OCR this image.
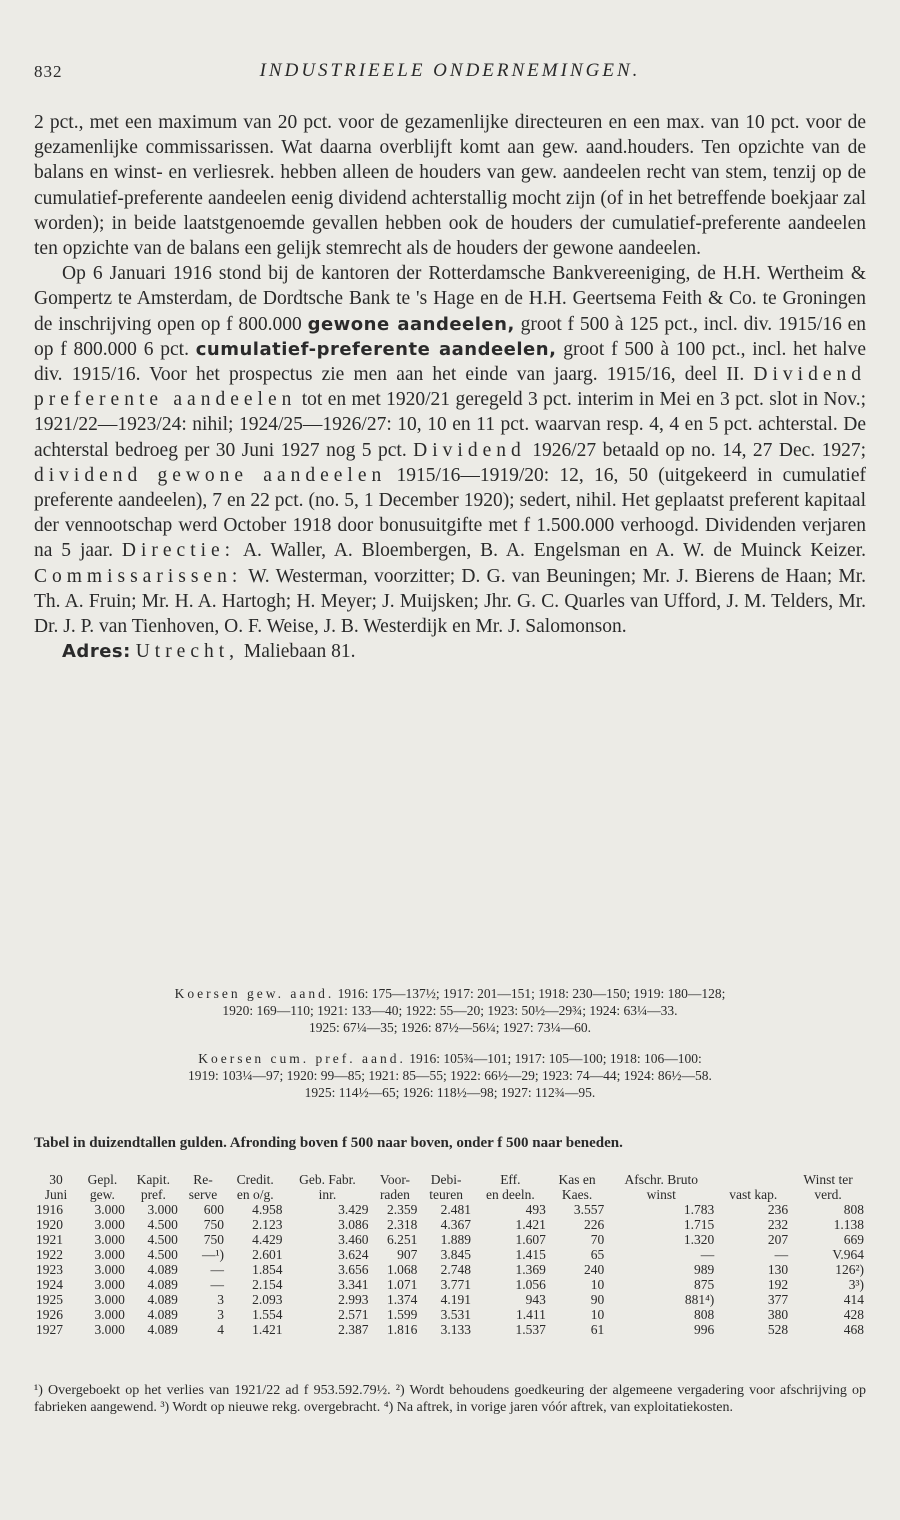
832	INDUSTRIEELE ONDERNEMINGEN.

2 pct., met een maximum van 20 pct. voor de gezamenlijke directeuren en een max. van 10 pct. voor de gezamenlijke commissarissen. Wat daarna overblijft komt aan gew. aand.houders. Ten opzichte van de balans en winst- en verliesrek. hebben alleen de houders van gew. aandeelen recht van stem, tenzij op de cumulatief-preferente aandeelen eenig dividend achterstallig mocht zijn (of in het betreffende boekjaar zal worden); in beide laatstgenoemde gevallen hebben ook de houders der cumulatief-preferente aandeelen ten opzichte van de balans een gelijk stemrecht als de houders der gewone aandeelen.

Op 6 Januari 1916 stond bij de kantoren der Rotterdamsche Bankvereeniging, de H.H. Wertheim & Gompertz te Amsterdam, de Dordtsche Bank te 's Hage en de H.H. Geertsema Feith & Co. te Groningen de inschrijving open op f 800.000 gewone aandeelen, groot f 500 à 125 pct., incl. div. 1915/16 en op f 800.000 6 pct. cumulatief-preferente aandeelen, groot f 500 à 100 pct., incl. het halve div. 1915/16. Voor het prospectus zie men aan het einde van jaarg. 1915/16, deel II. Dividend preferente aandeelen tot en met 1920/21 geregeld 3 pct. interim in Mei en 3 pct. slot in Nov.; 1921/22—1923/24: nihil; 1924/25—1926/27: 10, 10 en 11 pct. waarvan resp. 4, 4 en 5 pct. achterstal. De achterstal bedroeg per 30 Juni 1927 nog 5 pct. Dividend 1926/27 betaald op no. 14, 27 Dec. 1927; dividend gewone aandeelen 1915/16—1919/20: 12, 16, 50 (uitgekeerd in cumulatief preferente aandeelen), 7 en 22 pct. (no. 5, 1 December 1920); sedert, nihil. Het geplaatst preferent kapitaal der vennootschap werd October 1918 door bonusuitgifte met f 1.500.000 verhoogd. Dividenden verjaren na 5 jaar. Directie: A. Waller, A. Bloembergen, B. A. Engelsman en A. W. de Muinck Keizer. Commissarissen: W. Westerman, voorzitter; D. G. van Beuningen; Mr. J. Bierens de Haan; Mr. Th. A. Fruin; Mr. H. A. Hartogh; H. Meyer; J. Muijsken; Jhr. G. C. Quarles van Ufford, J. M. Telders, Mr. Dr. J. P. van Tienhoven, O. F. Weise, J. B. Westerdijk en Mr. J. Salomonson.

Adres: Utrecht, Maliebaan 81.

Koersen gew. aand. 1916: 175—137½; 1917: 201—151; 1918: 230—150; 1919: 180—128;
1920: 169—110; 1921: 133—40; 1922: 55—20; 1923: 50½—29¾; 1924: 63¼—33.
1925: 67¼—35; 1926: 87½—56¼; 1927: 73¼—60.
Koersen cum. pref. aand. 1916: 105¾—101; 1917: 105—100; 1918: 106—100:
1919: 103¼—97; 1920: 99—85; 1921: 85—55; 1922: 66½—29; 1923: 74—44; 1924: 86½—58.
1925: 114½—65; 1926: 118½—98; 1927: 112¾—95.
Tabel in duizendtallen gulden. Afronding boven f 500 naar boven, onder f 500 naar beneden.
30	Gepl.	Kapit.	Re-	Credit.	Geb. Fabr.	Voor-	Debi-	Eff.	Kas en	Afschr. Bruto		Winst ter
Juni	gew.	pref.	serve	en o/g.	inr.	raden	teuren	en deeln.	Kaes.	winst	vast kap.	verd.
1916	3.000	3.000	600	4.958	3.429	2.359	2.481	493	3.557	1.783	236	808
1920	3.000	4.500	750	2.123	3.086	2.318	4.367	1.421	226	1.715	232	1.138
1921	3.000	4.500	750	4.429	3.460	6.251	1.889	1.607	70	1.320	207	669
1922	3.000	4.500	—¹)	2.601	3.624	907	3.845	1.415	65	—	—	V.964
1923	3.000	4.089	—	1.854	3.656	1.068	2.748	1.369	240	989	130	126²)
1924	3.000	4.089	—	2.154	3.341	1.071	3.771	1.056	10	875	192	3³)
1925	3.000	4.089	3	2.093	2.993	1.374	4.191	943	90	881⁴)	377	414
1926	3.000	4.089	3	1.554	2.571	1.599	3.531	1.411	10	808	380	428
1927	3.000	4.089	4	1.421	2.387	1.816	3.133	1.537	61	996	528	468

¹) Overgeboekt op het verlies van 1921/22 ad f 953.592.79½. ²) Wordt behoudens goedkeuring der algemeene vergadering voor afschrijving op fabrieken aangewend. ³) Wordt op nieuwe rekg. overgebracht. ⁴) Na aftrek, in vorige jaren vóór aftrek, van exploitatiekosten.
